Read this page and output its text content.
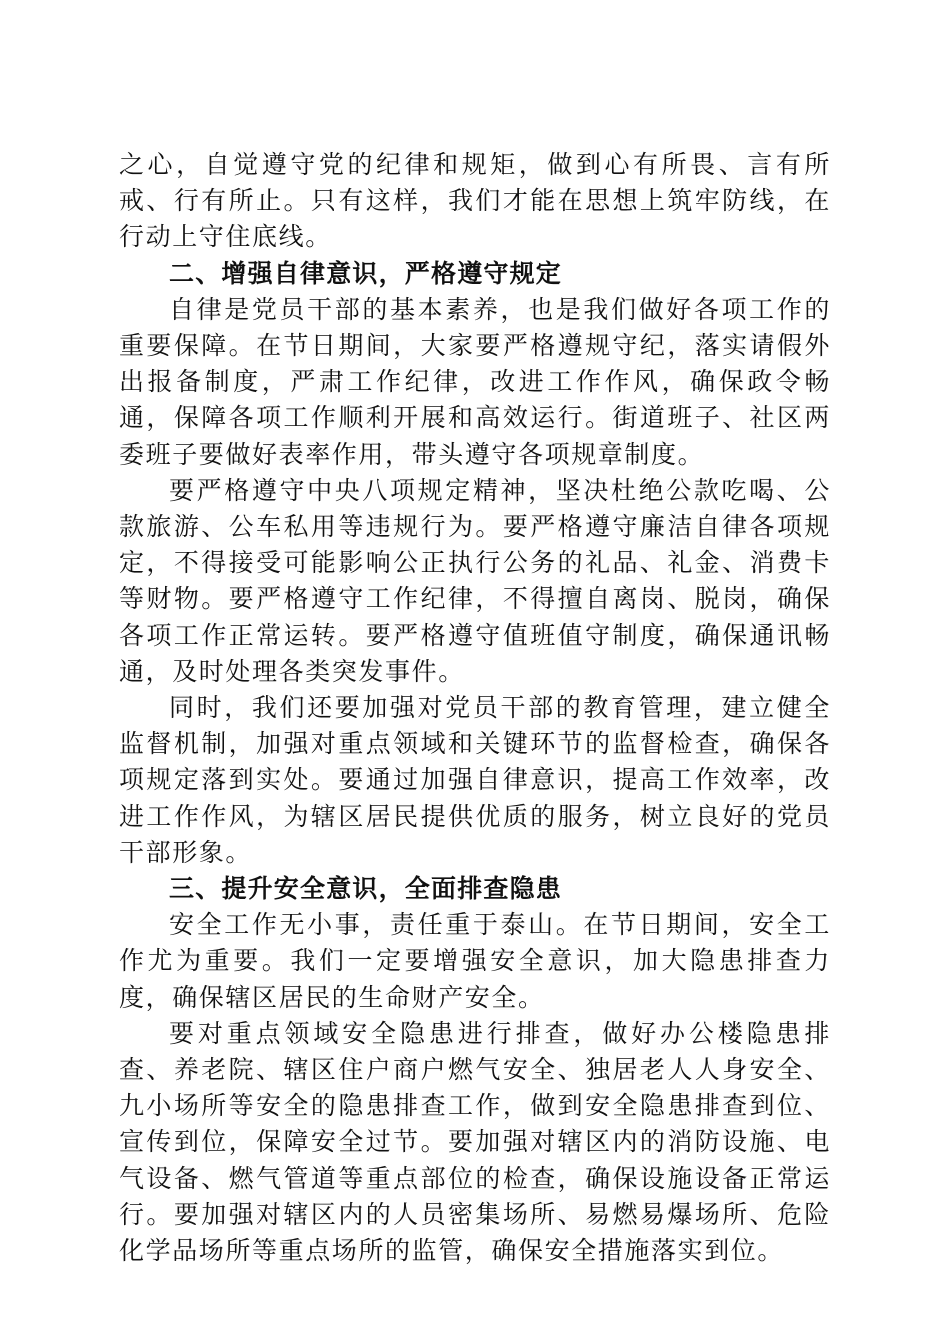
之心，自觉遵守党的纪律和规矩，做到心有所畏、言有所戒、行有所止。只有这样，我们才能在思想上筑牢防线，在行动上守住底线。

二、增强自律意识，严格遵守规定

自律是党员干部的基本素养，也是我们做好各项工作的重要保障。在节日期间，大家要严格遵规守纪，落实请假外出报备制度，严肃工作纪律，改进工作作风，确保政令畅通，保障各项工作顺利开展和高效运行。街道班子、社区两委班子要做好表率作用，带头遵守各项规章制度。

要严格遵守中央八项规定精神，坚决杜绝公款吃喝、公款旅游、公车私用等违规行为。要严格遵守廉洁自律各项规定，不得接受可能影响公正执行公务的礼品、礼金、消费卡等财物。要严格遵守工作纪律，不得擅自离岗、脱岗，确保各项工作正常运转。要严格遵守值班值守制度，确保通讯畅通，及时处理各类突发事件。

同时，我们还要加强对党员干部的教育管理，建立健全监督机制，加强对重点领域和关键环节的监督检查，确保各项规定落到实处。要通过加强自律意识，提高工作效率，改进工作作风，为辖区居民提供优质的服务，树立良好的党员干部形象。

三、提升安全意识，全面排查隐患

安全工作无小事，责任重于泰山。在节日期间，安全工作尤为重要。我们一定要增强安全意识，加大隐患排查力度，确保辖区居民的生命财产安全。

要对重点领域安全隐患进行排查，做好办公楼隐患排查、养老院、辖区住户商户燃气安全、独居老人人身安全、九小场所等安全的隐患排查工作，做到安全隐患排查到位、宣传到位，保障安全过节。要加强对辖区内的消防设施、电气设备、燃气管道等重点部位的检查，确保设施设备正常运行。要加强对辖区内的人员密集场所、易燃易爆场所、危险化学品场所等重点场所的监管，确保安全措施落实到位。
